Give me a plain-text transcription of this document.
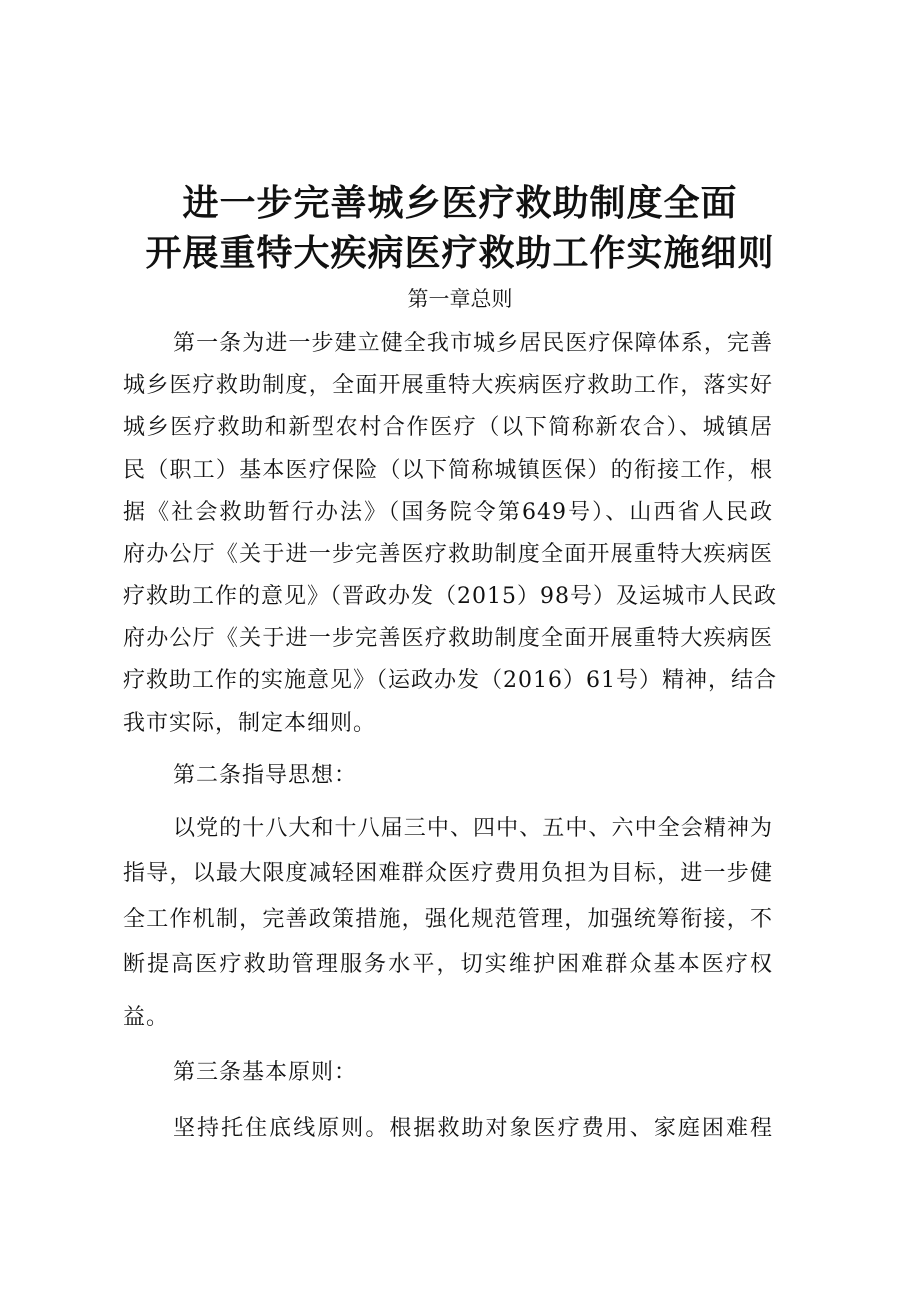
进一步完善城乡医疗救助制度全面
开展重特大疾病医疗救助工作实施细则
第一章总则
第一条为进一步建立健全我市城乡居民医疗保障体系，完善
城乡医疗救助制度，全面开展重特大疾病医疗救助工作，落实好
城乡医疗救助和新型农村合作医疗（以下简称新农合）、城镇居
民（职工）基本医疗保险（以下简称城镇医保）的衔接工作，根
据《社会救助暂行办法》（国务院令第649号）、山西省人民政
府办公厅《关于进一步完善医疗救助制度全面开展重特大疾病医
疗救助工作的意见》（晋政办发（2015）98号）及运城市人民政
府办公厅《关于进一步完善医疗救助制度全面开展重特大疾病医
疗救助工作的实施意见》（运政办发（2016）61号）精神，结合
我市实际，制定本细则。
第二条指导思想：
以党的十八大和十八届三中、四中、五中、六中全会精神为
指导，以最大限度减轻困难群众医疗费用负担为目标，进一步健
全工作机制，完善政策措施，强化规范管理，加强统筹衔接，不
断提高医疗救助管理服务水平，切实维护困难群众基本医疗权
益。
第三条基本原则：
坚持托住底线原则。根据救助对象医疗费用、家庭困难程
